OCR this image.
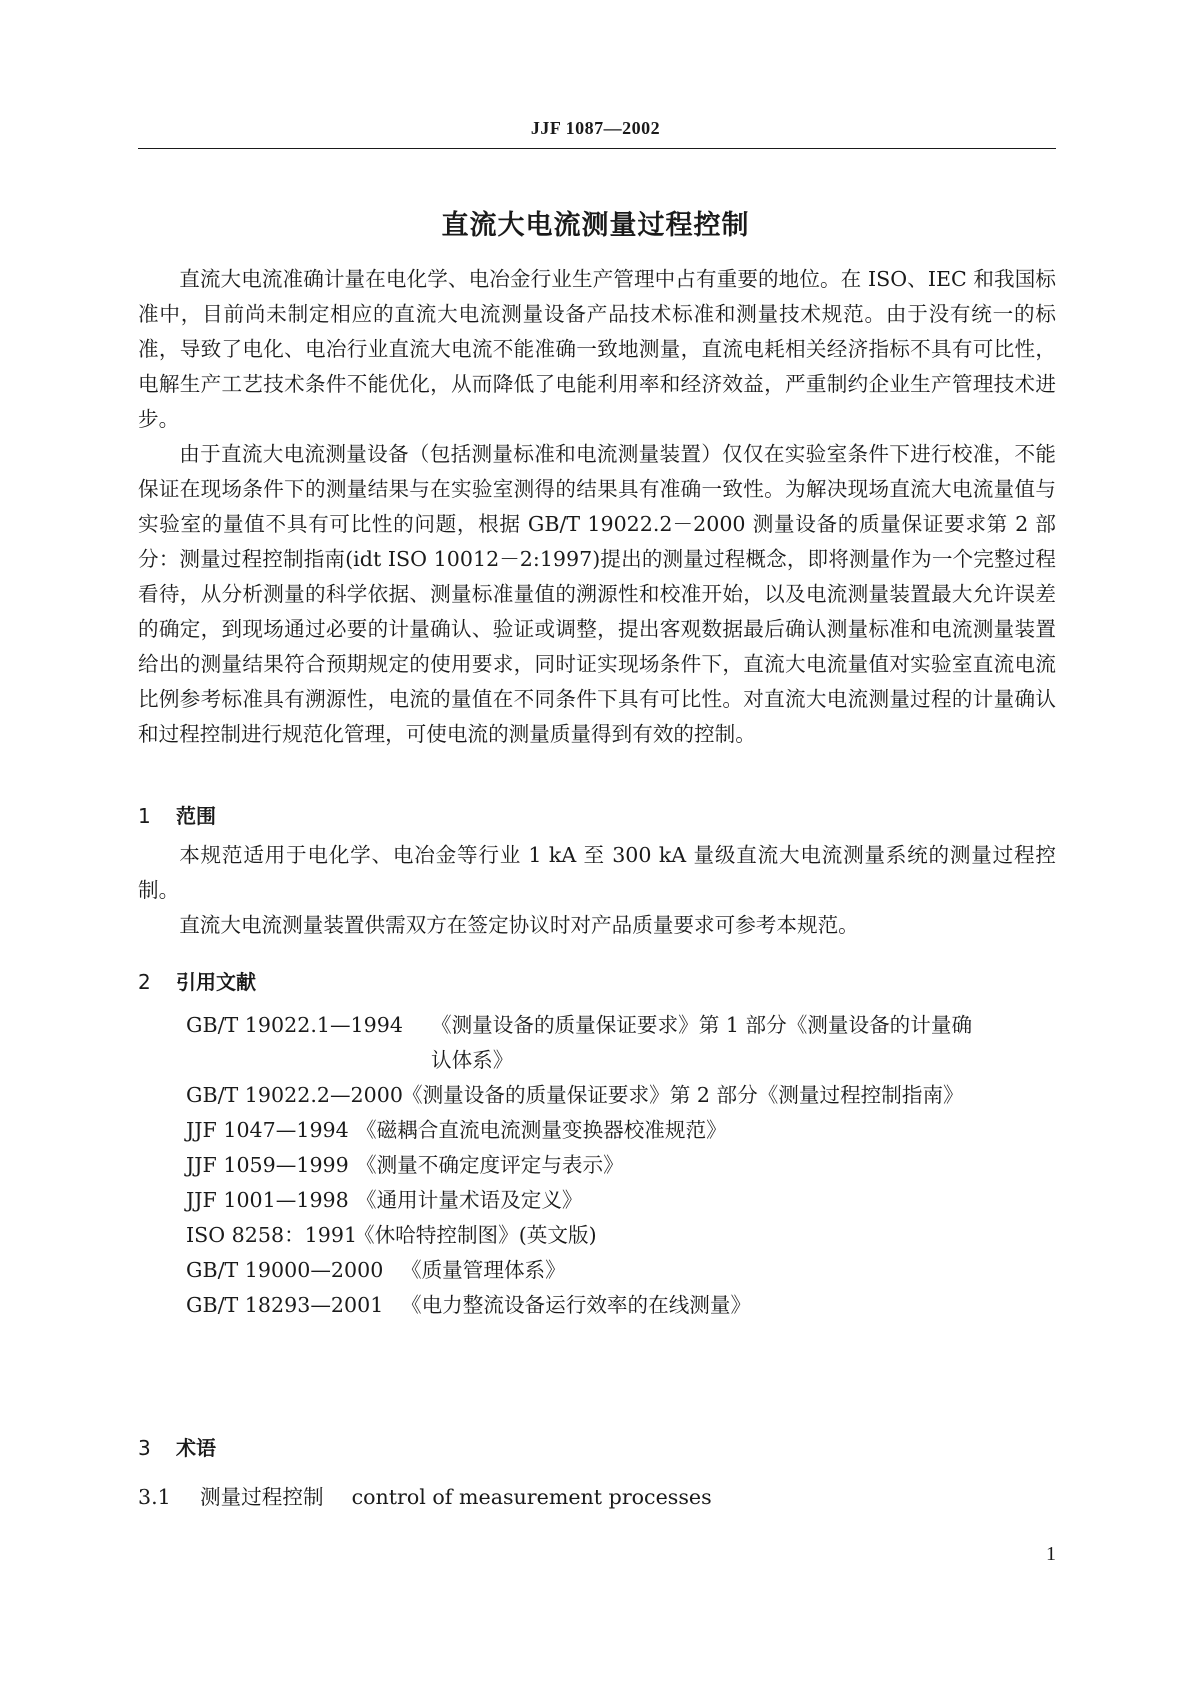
JJF 1087—2002
直流大电流测量过程控制

直流大电流准确计量在电化学、电冶金行业生产管理中占有重要的地位。在 ISO、IEC 和我国标准中，目前尚未制定相应的直流大电流测量设备产品技术标准和测量技术规范。由于没有统一的标准，导致了电化、电冶行业直流大电流不能准确一致地测量，直流电耗相关经济指标不具有可比性，电解生产工艺技术条件不能优化，从而降低了电能利用率和经济效益，严重制约企业生产管理技术进步。

由于直流大电流测量设备（包括测量标准和电流测量装置）仅仅在实验室条件下进行校准，不能保证在现场条件下的测量结果与在实验室测得的结果具有准确一致性。为解决现场直流大电流量值与实验室的量值不具有可比性的问题，根据 GB/T 19022.2－2000 测量设备的质量保证要求第 2 部分：测量过程控制指南(idt ISO 10012－2:1997)提出的测量过程概念，即将测量作为一个完整过程看待，从分析测量的科学依据、测量标准量值的溯源性和校准开始，以及电流测量装置最大允许误差的确定，到现场通过必要的计量确认、验证或调整，提出客观数据最后确认测量标准和电流测量装置给出的测量结果符合预期规定的使用要求，同时证实现场条件下，直流大电流量值对实验室直流电流比例参考标准具有溯源性，电流的量值在不同条件下具有可比性。对直流大电流测量过程的计量确认和过程控制进行规范化管理，可使电流的测量质量得到有效的控制。

1 范围

本规范适用于电化学、电冶金等行业 1 kA 至 300 kA 量级直流大电流测量系统的测量过程控制。

直流大电流测量装置供需双方在签定协议时对产品质量要求可参考本规范。

2 引用文献
GB/T 19022.1—1994 《测量设备的质量保证要求》第 1 部分《测量设备的计量确
认体系》
GB/T 19022.2—2000《测量设备的质量保证要求》第 2 部分《测量过程控制指南》
JJF 1047—1994 《磁耦合直流电流测量变换器校准规范》
JJF 1059—1999 《测量不确定度评定与表示》
JJF 1001—1998 《通用计量术语及定义》
ISO 8258：1991《休哈特控制图》(英文版)
GB/T 19000—2000 《质量管理体系》
GB/T 18293—2001 《电力整流设备运行效率的在线测量》
3 术语
3.1 测量过程控制 control of measurement processes
1
